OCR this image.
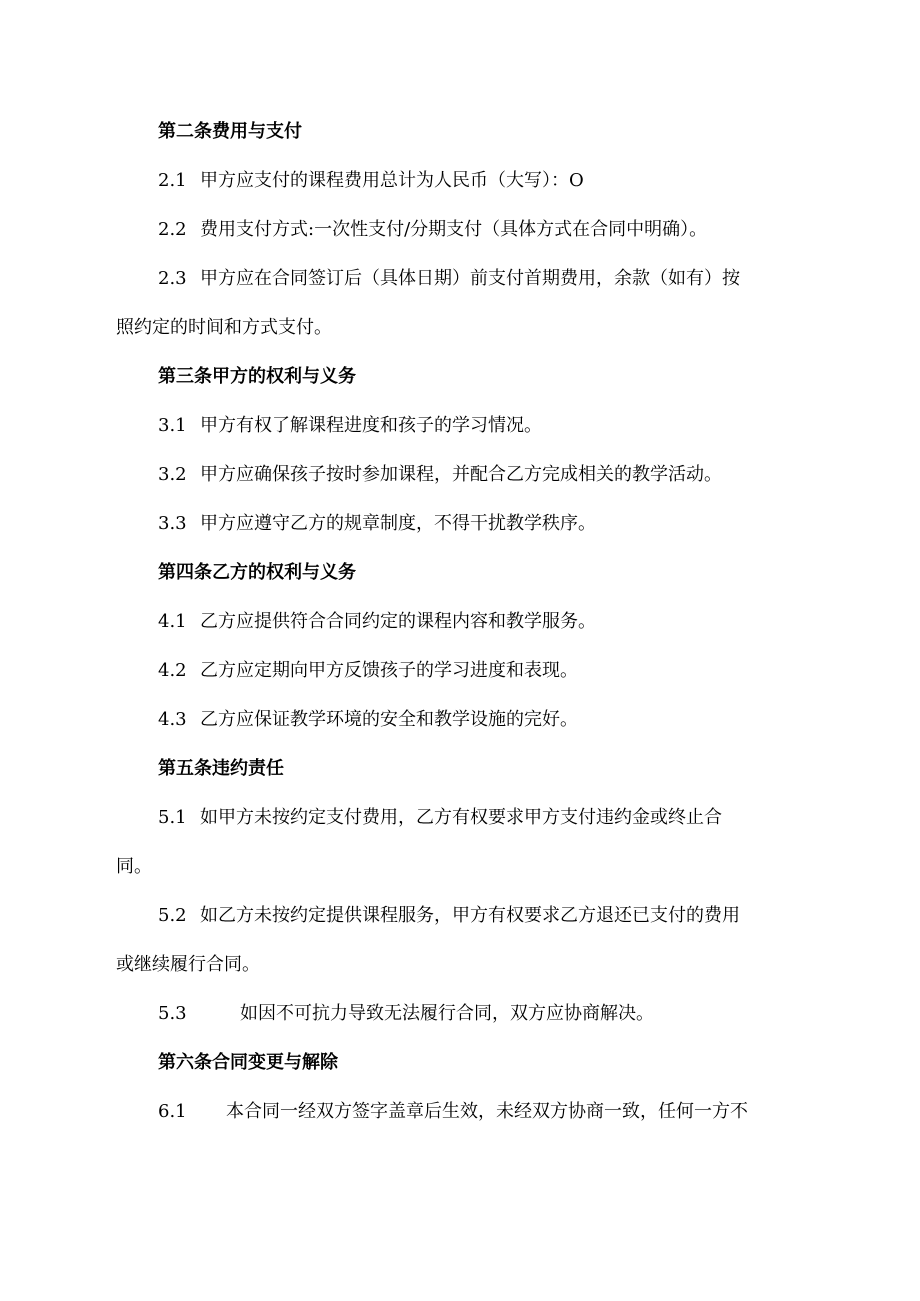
第二条费用与支付
2.1 甲方应支付的课程费用总计为人民币（大写）：O
2.2 费用支付方式:一次性支付/分期支付（具体方式在合同中明确）。
2.3 甲方应在合同签订后（具体日期）前支付首期费用，余款（如有）按
照约定的时间和方式支付。
第三条甲方的权利与义务
3.1 甲方有权了解课程进度和孩子的学习情况。
3.2 甲方应确保孩子按时参加课程，并配合乙方完成相关的教学活动。
3.3 甲方应遵守乙方的规章制度，不得干扰教学秩序。
第四条乙方的权利与义务
4.1 乙方应提供符合合同约定的课程内容和教学服务。
4.2 乙方应定期向甲方反馈孩子的学习进度和表现。
4.3 乙方应保证教学环境的安全和教学设施的完好。
第五条违约责任
5.1 如甲方未按约定支付费用，乙方有权要求甲方支付违约金或终止合
同。
5.2 如乙方未按约定提供课程服务，甲方有权要求乙方退还已支付的费用
或继续履行合同。
5.3	如因不可抗力导致无法履行合同，双方应协商解决。
第六条合同变更与解除
6.1 本合同一经双方签字盖章后生效，未经双方协商一致，任何一方不
